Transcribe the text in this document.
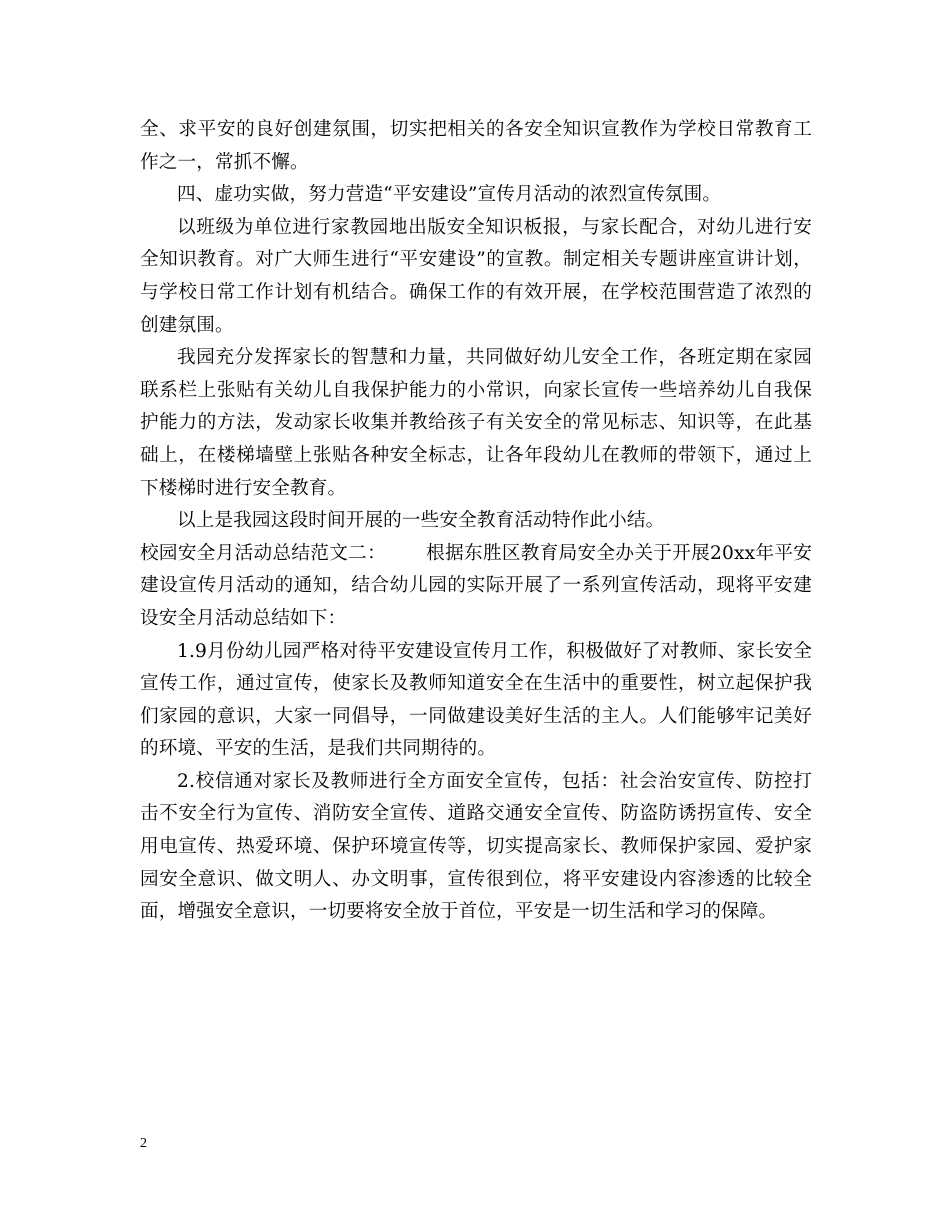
全、求平安的良好创建氛围，切实把相关的各安全知识宣教作为学校日常教育工作之一，常抓不懈。

四、虚功实做，努力营造“平安建设”宣传月活动的浓烈宣传氛围。

以班级为单位进行家教园地出版安全知识板报，与家长配合，对幼儿进行安全知识教育。对广大师生进行“平安建设”的宣教。制定相关专题讲座宣讲计划，与学校日常工作计划有机结合。确保工作的有效开展，在学校范围营造了浓烈的创建氛围。

我园充分发挥家长的智慧和力量，共同做好幼儿安全工作，各班定期在家园联系栏上张贴有关幼儿自我保护能力的小常识，向家长宣传一些培养幼儿自我保护能力的方法，发动家长收集并教给孩子有关安全的常见标志、知识等，在此基础上，在楼梯墙壁上张贴各种安全标志，让各年段幼儿在教师的带领下，通过上下楼梯时进行安全教育。

以上是我园这段时间开展的一些安全教育活动特作此小结。

校园安全月活动总结范文二： 根据东胜区教育局安全办关于开展20xx年平安建设宣传月活动的通知，结合幼儿园的实际开展了一系列宣传活动，现将平安建设安全月活动总结如下：

1.9月份幼儿园严格对待平安建设宣传月工作，积极做好了对教师、家长安全宣传工作，通过宣传，使家长及教师知道安全在生活中的重要性，树立起保护我们家园的意识，大家一同倡导，一同做建设美好生活的主人。人们能够牢记美好的环境、平安的生活，是我们共同期待的。

2.校信通对家长及教师进行全方面安全宣传，包括：社会治安宣传、防控打击不安全行为宣传、消防安全宣传、道路交通安全宣传、防盗防诱拐宣传、安全用电宣传、热爱环境、保护环境宣传等，切实提高家长、教师保护家园、爱护家园安全意识、做文明人、办文明事，宣传很到位，将平安建设内容渗透的比较全面，增强安全意识，一切要将安全放于首位，平安是一切生活和学习的保障。

2
